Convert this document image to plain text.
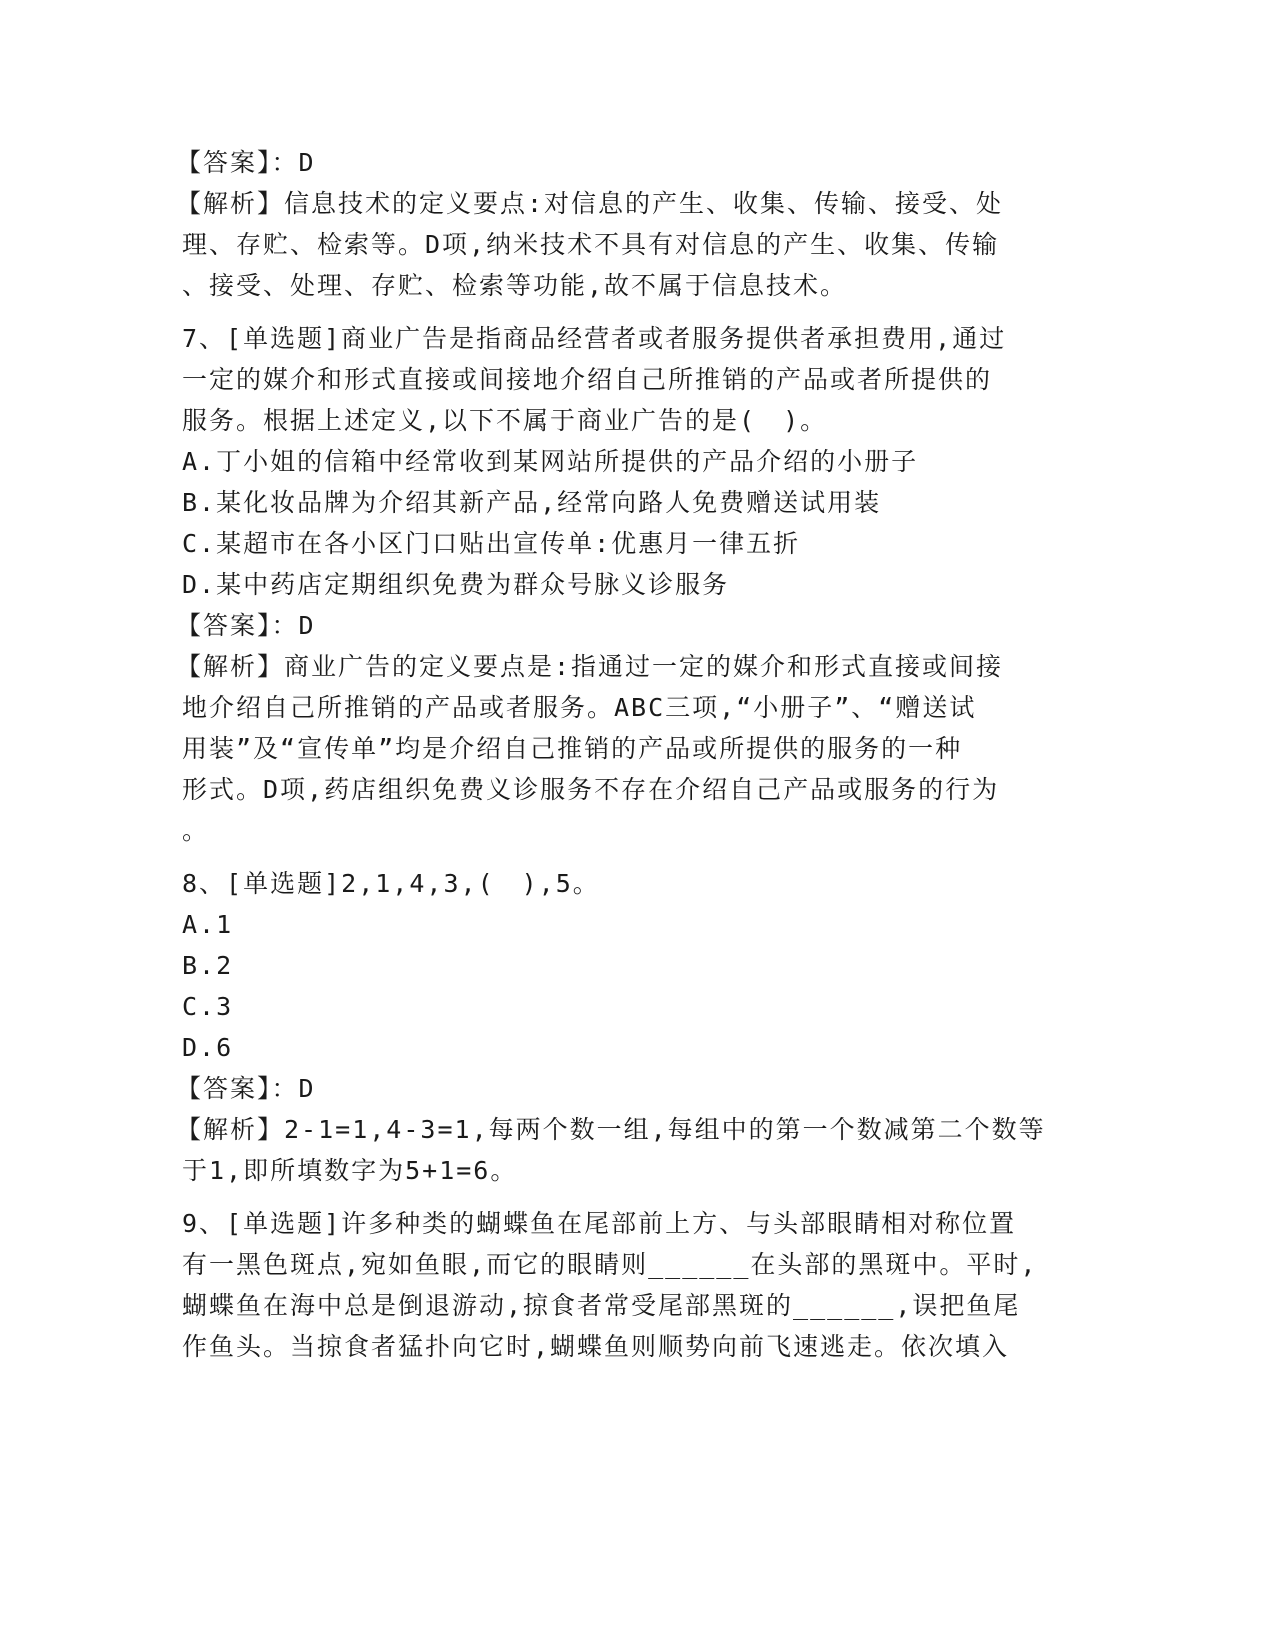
【答案】：D
【解析】信息技术的定义要点:对信息的产生、收集、传输、接受、处
理、存贮、检索等。D项,纳米技术不具有对信息的产生、收集、传输
、接受、处理、存贮、检索等功能,故不属于信息技术。
7、[单选题]商业广告是指商品经营者或者服务提供者承担费用,通过
一定的媒介和形式直接或间接地介绍自己所推销的产品或者所提供的
服务。根据上述定义,以下不属于商业广告的是(　)。
A.丁小姐的信箱中经常收到某网站所提供的产品介绍的小册子
B.某化妆品牌为介绍其新产品,经常向路人免费赠送试用装
C.某超市在各小区门口贴出宣传单:优惠月一律五折
D.某中药店定期组织免费为群众号脉义诊服务
【答案】：D
【解析】商业广告的定义要点是:指通过一定的媒介和形式直接或间接
地介绍自己所推销的产品或者服务。ABC三项,“小册子”、“赠送试
用装”及“宣传单”均是介绍自己推销的产品或所提供的服务的一种
形式。D项,药店组织免费义诊服务不存在介绍自己产品或服务的行为
。
8、[单选题]2,1,4,3,(　),5。
A.1
B.2
C.3
D.6
【答案】：D
【解析】2-1=1,4-3=1,每两个数一组,每组中的第一个数减第二个数等
于1,即所填数字为5+1=6。
9、[单选题]许多种类的蝴蝶鱼在尾部前上方、与头部眼睛相对称位置
有一黑色斑点,宛如鱼眼,而它的眼睛则______在头部的黑斑中。平时,
蝴蝶鱼在海中总是倒退游动,掠食者常受尾部黑斑的______,误把鱼尾
作鱼头。当掠食者猛扑向它时,蝴蝶鱼则顺势向前飞速逃走。依次填入
